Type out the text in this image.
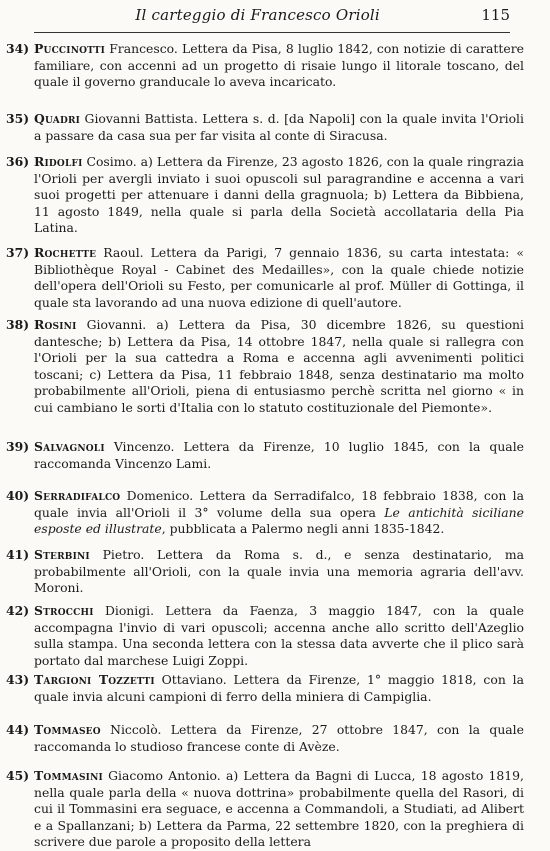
Il carteggio di Francesco Orioli	115
34) Puccinotti Francesco. Lettera da Pisa, 8 luglio 1842, con notizie di carattere familiare, con accenni ad un progetto di risaie lungo il litorale toscano, del quale il governo granducale lo aveva incaricato.
35) Quadri Giovanni Battista. Lettera s. d. [da Napoli] con la quale invita l'Orioli a passare da casa sua per far visita al conte di Siracusa.
36) Ridolfi Cosimo. a) Lettera da Firenze, 23 agosto 1826, con la quale ringrazia l'Orioli per avergli inviato i suoi opuscoli sul paragrandine e accenna a vari suoi progetti per attenuare i danni della gragnuola; b) Lettera da Bibbiena, 11 agosto 1849, nella quale si parla della Società accollataria della Pia Latina.
37) Rochette Raoul. Lettera da Parigi, 7 gennaio 1836, su carta intestata: « Bibliothèque Royal - Cabinet des Medailles», con la quale chiede notizie dell'opera dell'Orioli su Festo, per comunicarle al prof. Müller di Gottinga, il quale sta lavorando ad una nuova edizione di quell'autore.
38) Rosini Giovanni. a) Lettera da Pisa, 30 dicembre 1826, su questioni dantesche; b) Lettera da Pisa, 14 ottobre 1847, nella quale si rallegra con l'Orioli per la sua cattedra a Roma e accenna agli avvenimenti politici toscani; c) Lettera da Pisa, 11 febbraio 1848, senza destinatario ma molto probabilmente all'Orioli, piena di entusiasmo perchè scritta nel giorno « in cui cambiano le sorti d'Italia con lo statuto costituzionale del Piemonte».
39) Salvagnoli Vincenzo. Lettera da Firenze, 10 luglio 1845, con la quale raccomanda Vincenzo Lami.
40) Serradifalco Domenico. Lettera da Serradifalco, 18 febbraio 1838, con la quale invia all'Orioli il 3° volume della sua opera Le antichità siciliane esposte ed illustrate, pubblicata a Palermo negli anni 1835-1842.
41) Sterbini Pietro. Lettera da Roma s. d., e senza destinatario, ma probabilmente all'Orioli, con la quale invia una memoria agraria dell'avv. Moroni.
42) Strocchi Dionigi. Lettera da Faenza, 3 maggio 1847, con la quale accompagna l'invio di vari opuscoli; accenna anche allo scritto dell'Azeglio sulla stampa. Una seconda lettera con la stessa data avverte che il plico sarà portato dal marchese Luigi Zoppi.
43) Targioni Tozzetti Ottaviano. Lettera da Firenze, 1° maggio 1818, con la quale invia alcuni campioni di ferro della miniera di Campiglia.
44) Tommaseo Niccolò. Lettera da Firenze, 27 ottobre 1847, con la quale raccomanda lo studioso francese conte di Avèze.
45) Tommasini Giacomo Antonio. a) Lettera da Bagni di Lucca, 18 agosto 1819, nella quale parla della « nuova dottrina» probabilmente quella del Rasori, di cui il Tommasini era seguace, e accenna a Commandoli, a Studiati, ad Alibert e a Spallanzani; b) Lettera da Parma, 22 settembre 1820, con la preghiera di scrivere due parole a proposito della lettera
